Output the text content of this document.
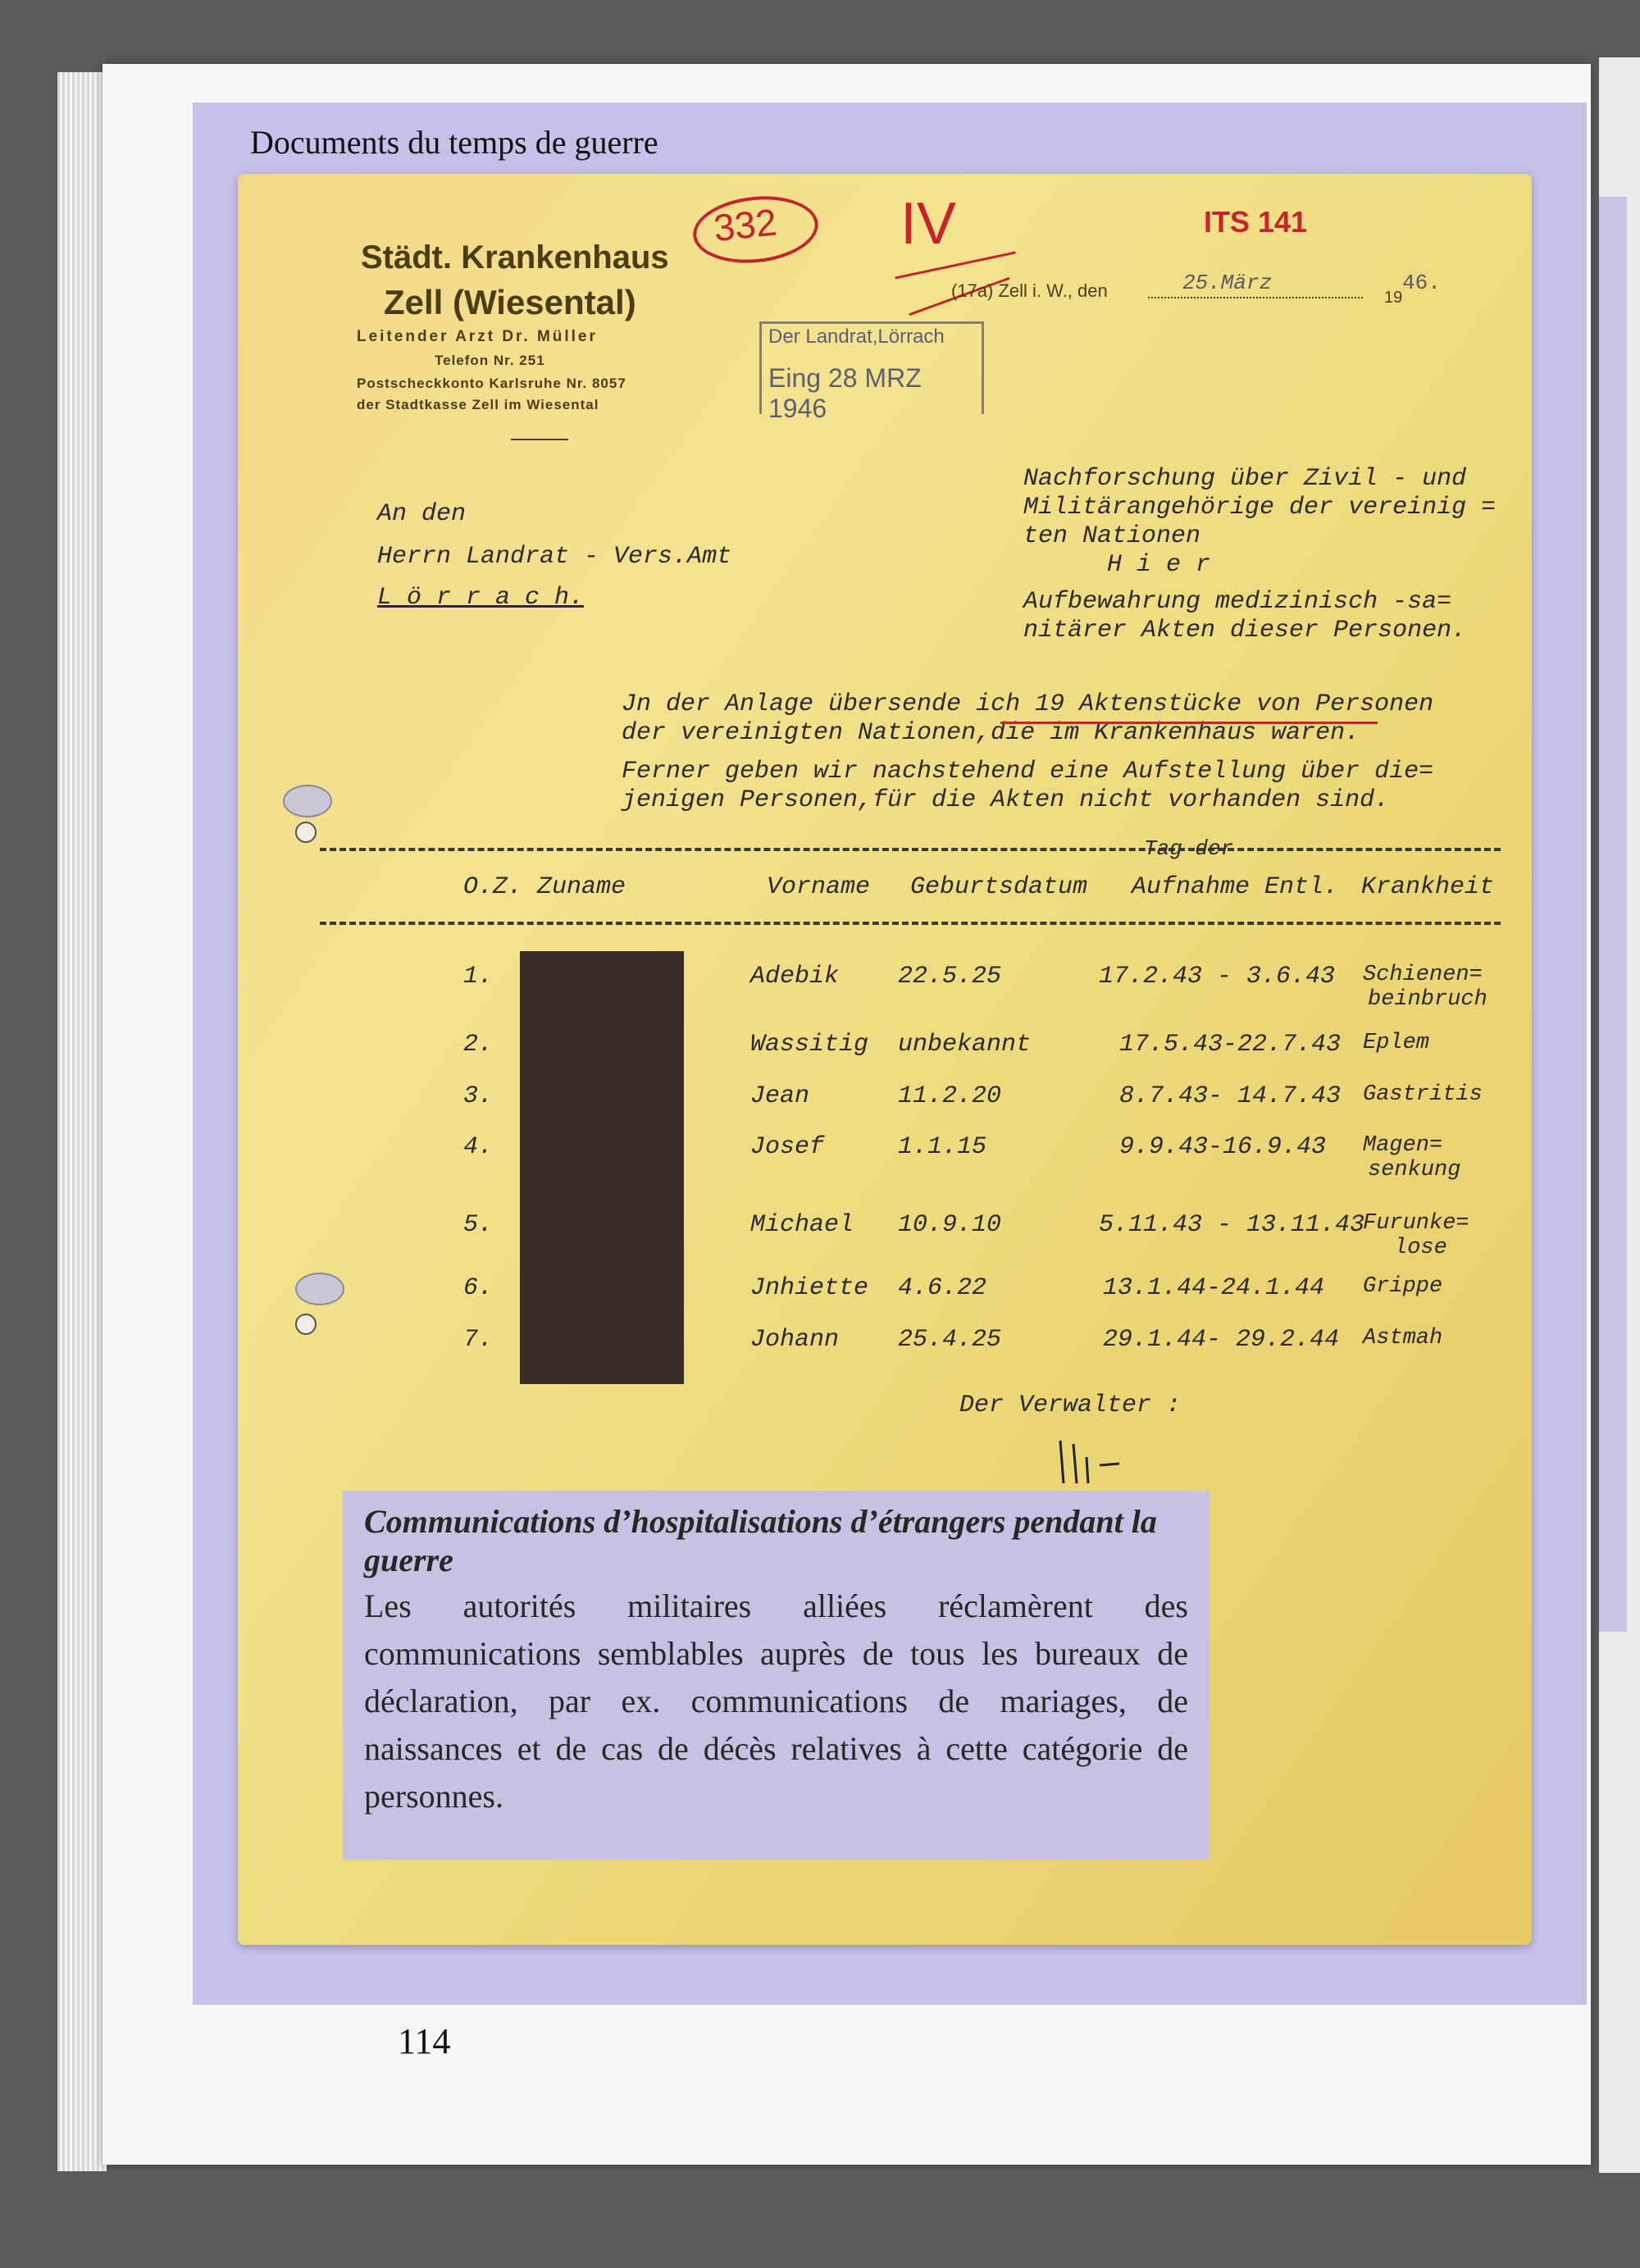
Documents du temps de guerre
Städt. Krankenhaus
Zell (Wiesental)
Leitender Arzt Dr. Müller
Telefon Nr. 251
Postscheckkonto Karlsruhe Nr. 8057
der Stadtkasse Zell im Wiesental
332 IV	ITS 141
(17a) Zell i. W., den	25.März
19
46.
Der Landrat,Lörrach
Eing 28 MRZ 1946
An den
Herrn Landrat - Vers.Amt
L ö r r a c h.
Nachforschung über Zivil - und
Militärangehörige der vereinig =
ten Nationen
H i e r
Aufbewahrung medizinisch -sa=
nitärer Akten dieser Personen.
Jn der Anlage übersende ich 19 Aktenstücke von Personen
der vereinigten Nationen,die im Krankenhaus waren.
Ferner geben wir nachstehend eine Aufstellung über die=
jenigen Personen,für die Akten nicht vorhanden sind.
Tag der
O.Z. Zuname	Vorname Geburtsdatum Aufnahme Entl. Krankheit
1.	Adebik 22.5.25	17.2.43 - 3.6.43 Schienen=
beinbruch
2.	Wassitig unbekannt	17.5.43-22.7.43 Eplem
3.	Jean	11.2.20	8.7.43- 14.7.43 Gastritis
4.	Josef	1.1.15	9.9.43-16.9.43 Magen=
senkung
5.	Michael 10.9.10	5.11.43 - 13.11.43
Furunke=
lose
6.	Jnhiette 4.6.22	13.1.44-24.1.44 Grippe
7.	Johann 25.4.25	29.1.44- 29.2.44 Astmah
Der Verwalter :
Communications d’hospitalisations d’étrangers pendant la guerre
Les autorités militaires alliées réclamèrent des communications semblables auprès de tous les bureaux de déclaration, par ex. communications de mariages, de naissances et de cas de décès relatives à cette catégorie de personnes.
114
